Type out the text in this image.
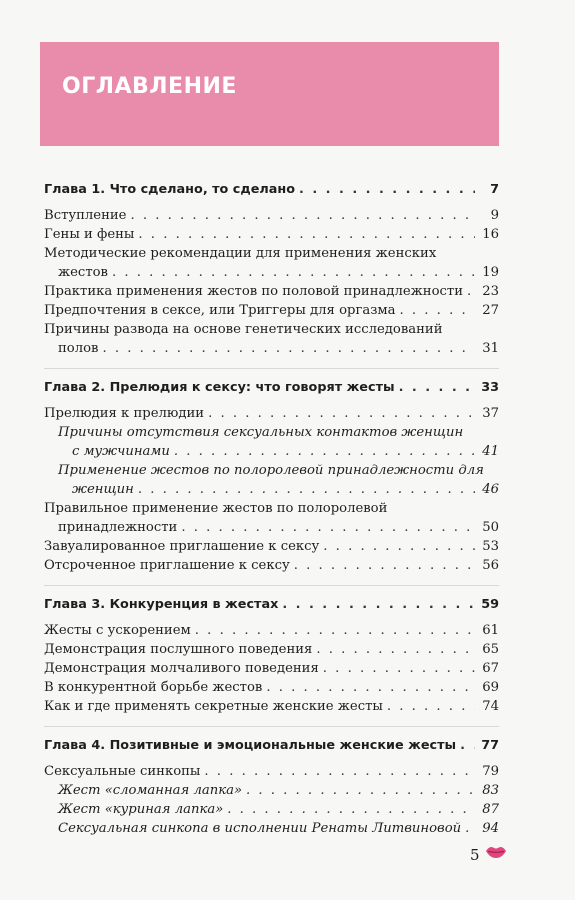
ОГЛАВЛЕНИЕ
Глава 1. Что сделано, то сделано . . .	7
Вступление . . .	9
Гены и фены . . .	16
Методические рекомендации для применения женских
жестов . . .	19
Практика применения жестов по половой принадлежности . . . 23
Предпочтения в сексе, или Триггеры для оргазма . . .	27
Причины развода на основе генетических исследований
полов . . .	31
Глава 2. Прелюдия к сексу: что говорят жесты . . .	33
Прелюдия к прелюдии . . .	37
Причины отсутствия сексуальных контактов женщин
с мужчинами . . .	41
Применение жестов по полоролевой принадлежности для
женщин . . .	46
Правильное применение жестов по полоролевой
принадлежности . . .	50
Завуалированное приглашение к сексу . . .	53
Отсроченное приглашение к сексу . . .	56
Глава 3. Конкуренция в жестах . . .	59
Жесты с ускорением . . .	61
Демонстрация послушного поведения . . .	65
Демонстрация молчаливого поведения . . .	67
В конкурентной борьбе жестов . . .	69
Как и где применять секретные женские жесты . . .	74
Глава 4. Позитивные и эмоциональные женские жесты . . . 77
Сексуальные синкопы . . .	79
Жест «сломанная лапка» . . .	83
Жест «куриная лапка» . . .	87
Сексуальная синкопа в исполнении Ренаты Литвиновой . . . 94
5
